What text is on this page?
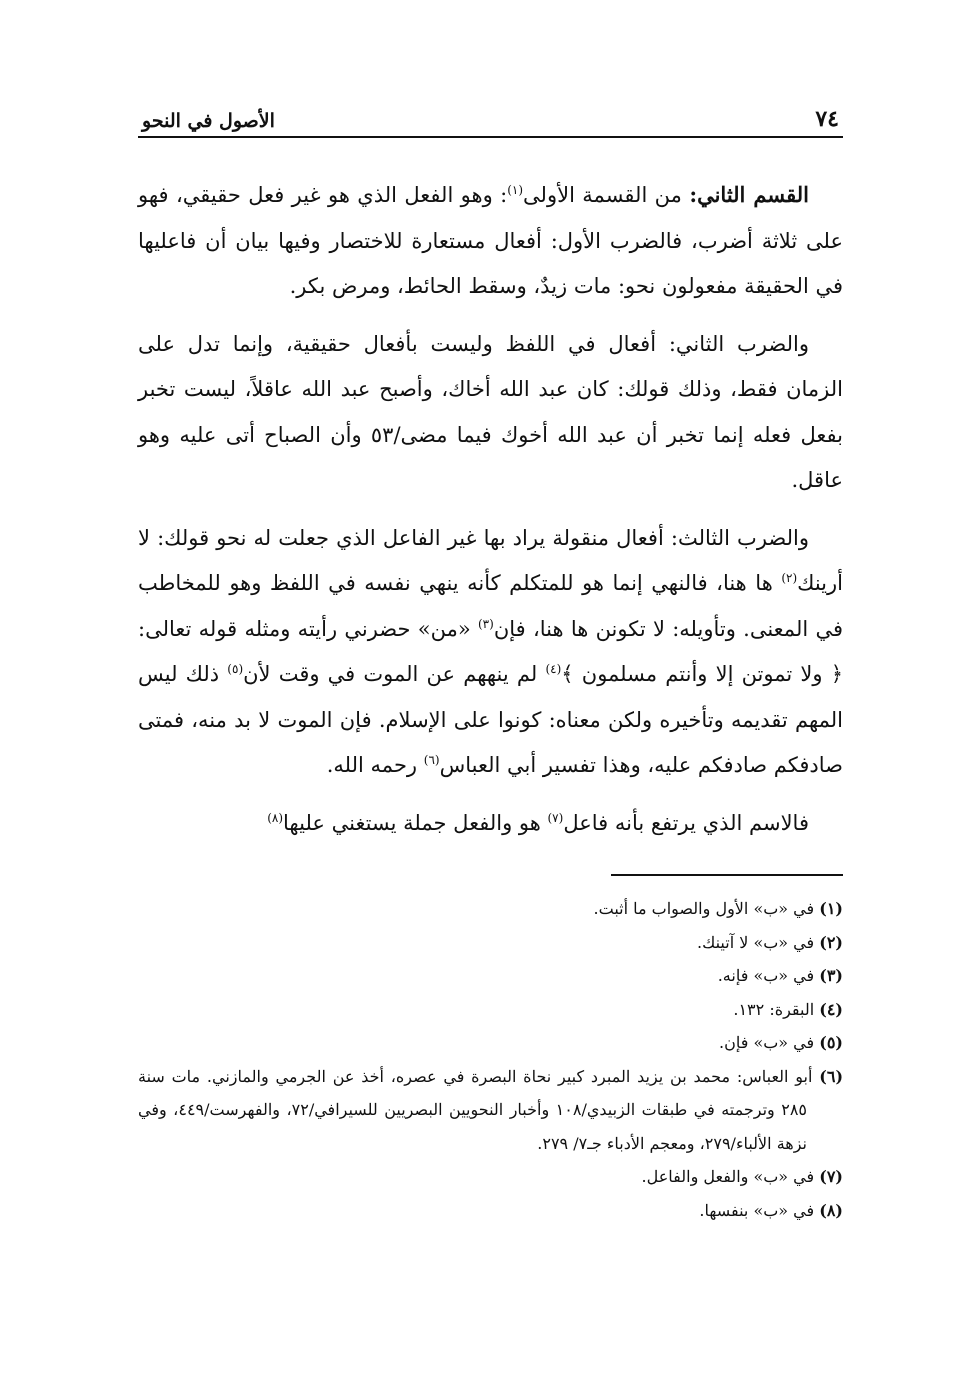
٧٤
الأصول في النحو

القسم الثاني: من القسمة الأولى$^{(١)}$: وهو الفعل الذي هو غير فعل حقيقي، فهو على ثلاثة أضرب، فالضرب الأول: أفعال مستعارة للاختصار وفيها بيان أن فاعليها في الحقيقة مفعولون نحو: مات زيدٌ، وسقط الحائط، ومرض بكر.

والضرب الثاني: أفعال في اللفظ وليست بأفعال حقيقية، وإنما تدل على الزمان فقط، وذلك قولك: كان عبد الله أخاك، وأصبح عبد الله عاقلاً، ليست تخبر بفعل فعله إنما تخبر أن عبد الله أخوك فيما مضى/٥٣ وأن الصباح أتى عليه وهو عاقل.

والضرب الثالث: أفعال منقولة يراد بها غير الفاعل الذي جعلت له نحو قولك: لا أرينك$^{(٢)}$ ها هنا، فالنهي إنما هو للمتكلم كأنه ينهي نفسه في اللفظ وهو للمخاطب في المعنى. وتأويله: لا تكونن ها هنا، فإن$^{(٣)}$ «من» حضرني رأيته ومثله قوله تعالى: ﴿ ولا تموتن إلا وأنتم مسلمون ﴾$^{(٤)}$ لم ينههم عن الموت في وقت لأن$^{(٥)}$ ذلك ليس المهم تقديمه وتأخيره ولكن معناه: كونوا على الإسلام. فإن الموت لا بد منه، فمتى صادفكم صادفكم عليه، وهذا تفسير أبي العباس$^{(٦)}$ رحمه الله.

فالاسم الذي يرتفع بأنه فاعل$^{(٧)}$ هو والفعل جملة يستغني عليها$^{(٨)}$

(١) في «ب» الأول والصواب ما أثبت.

(٢) في «ب» لا آتينك.

(٣) في «ب» فإنه.

(٤) البقرة: ١٣٢.

(٥) في «ب» فإن.

(٦) أبو العباس: محمد بن يزيد المبرد كبير نحاة البصرة في عصره، أخذ عن الجرمي والمازني. مات سنة ٢٨٥ وترجمته في طبقات الزبيدي/١٠٨ وأخبار النحويين البصريين للسيرافي/٧٢، والفهرست/٤٤٩، وفي نزهة الألباء/٢٧٩، ومعجم الأدباء جـ٧/ ٢٧٩.

(٧) في «ب» والفعل والفاعل.

(٨) في «ب» بنفسها.
